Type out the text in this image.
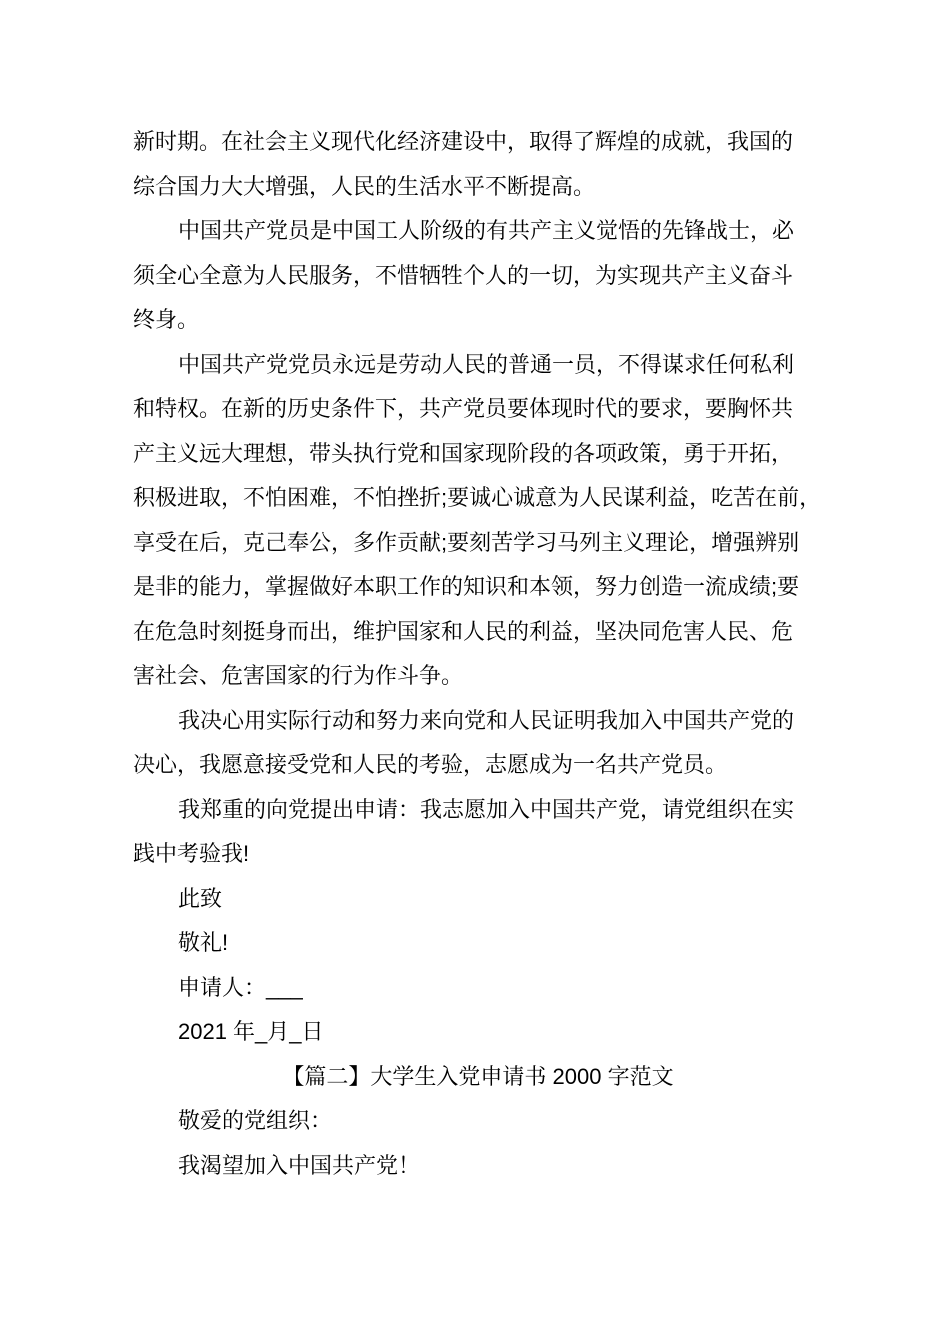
新时期。在社会主义现代化经济建设中，取得了辉煌的成就，我国的
综合国力大大增强，人民的生活水平不断提高。
中国共产党员是中国工人阶级的有共产主义觉悟的先锋战士，必
须全心全意为人民服务，不惜牺牲个人的一切，为实现共产主义奋斗
终身。
中国共产党党员永远是劳动人民的普通一员，不得谋求任何私利
和特权。在新的历史条件下，共产党员要体现时代的要求，要胸怀共
产主义远大理想，带头执行党和国家现阶段的各项政策，勇于开拓，
积极进取，不怕困难，不怕挫折;要诚心诚意为人民谋利益，吃苦在前，
享受在后，克己奉公，多作贡献;要刻苦学习马列主义理论，增强辨别
是非的能力，掌握做好本职工作的知识和本领，努力创造一流成绩;要
在危急时刻挺身而出，维护国家和人民的利益，坚决同危害人民、危
害社会、危害国家的行为作斗争。
我决心用实际行动和努力来向党和人民证明我加入中国共产党的
决心，我愿意接受党和人民的考验，志愿成为一名共产党员。
我郑重的向党提出申请：我志愿加入中国共产党，请党组织在实
践中考验我!
此致
敬礼!
申请人：___
2021 年_月_日
【篇二】大学生入党申请书 2000 字范文
敬爱的党组织：
我渴望加入中国共产党！
